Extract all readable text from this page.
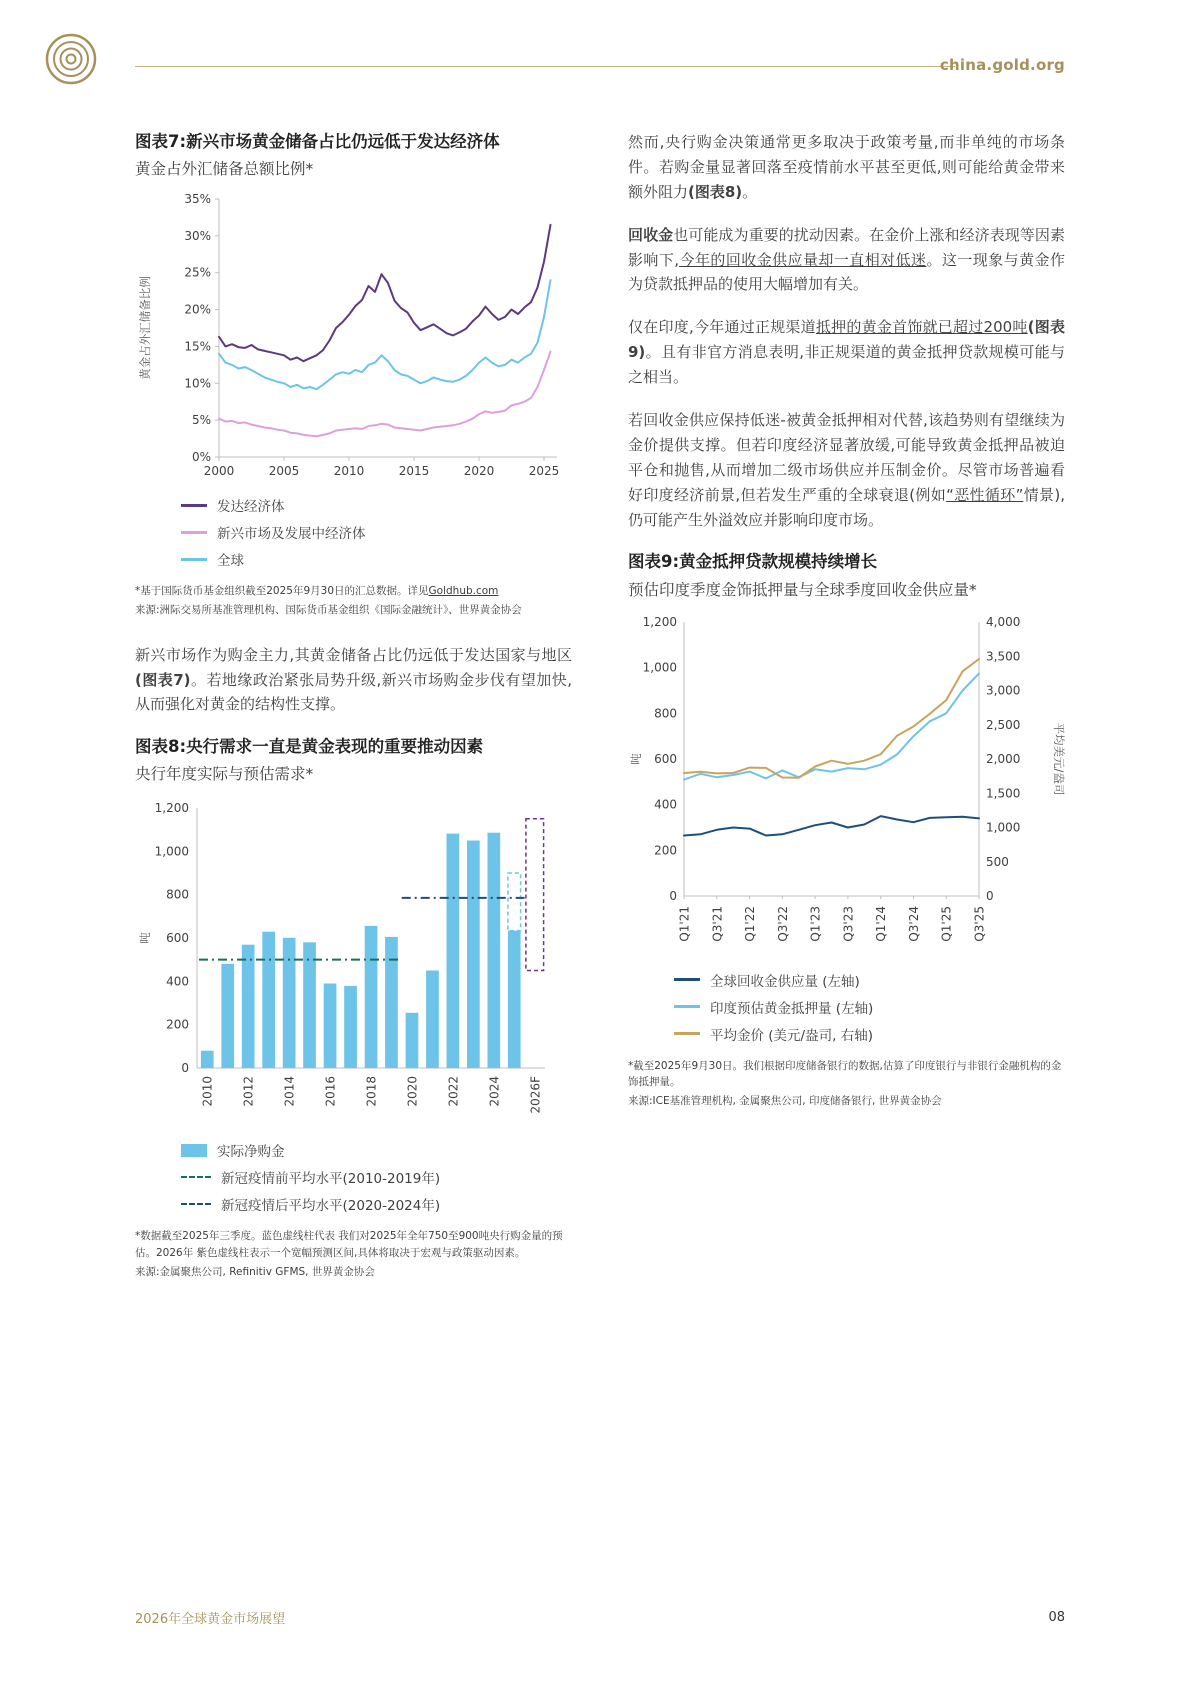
china.gold.org
图表7:新兴市场黄金储备占比仍远低于发达经济体
黄金占外汇储备总额比例*
0%
5%
10%
15%
20%
25%
30%
35%
2000	2005	2010	2015	2020	2025
黄金占外汇储备比例
发达经济体
新兴市场及发展中经济体
全球
*基于国际货币基金组织截至2025年9月30日的汇总数据。详见Goldhub.com
来源:洲际交易所基准管理机构、国际货币基金组织《国际金融统计》、世界黄金协会

新兴市场作为购金主力,其黄金储备占比仍远低于发达国家与地区(图表7)。若地缘政治紧张局势升级,新兴市场购金步伐有望加快,从而强化对黄金的结构性支撑。

图表8:央行需求一直是黄金表现的重要推动因素
央行年度实际与预估需求*
0
200
400
600
800
1,000
1,200
吨
2010 2012 2014 2016 2018 2020 2022 2024 2026F
实际净购金
新冠疫情前平均水平(2010-2019年)
新冠疫情后平均水平(2020-2024年)
*数据截至2025年三季度。蓝色虚线柱代表 我们对2025年全年750至900吨央行购金量的预估。2026年 紫色虚线柱表示一个宽幅预测区间,具体将取决于宏观与政策驱动因素。
来源:金属聚焦公司, Refinitiv GFMS, 世界黄金协会

然而,央行购金决策通常更多取决于政策考量,而非单纯的市场条件。若购金量显著回落至疫情前水平甚至更低,则可能给黄金带来额外阻力(图表8)。

回收金也可能成为重要的扰动因素。在金价上涨和经济表现等因素影响下,今年的回收金供应量却一直相对低迷。这一现象与黄金作为贷款抵押品的使用大幅增加有关。

仅在印度,今年通过正规渠道抵押的黄金首饰就已超过200吨(图表9)。且有非官方消息表明,非正规渠道的黄金抵押贷款规模可能与之相当。

若回收金供应保持低迷-被黄金抵押相对代替,该趋势则有望继续为金价提供支撑。但若印度经济显著放缓,可能导致黄金抵押品被迫平仓和抛售,从而增加二级市场供应并压制金价。尽管市场普遍看好印度经济前景,但若发生严重的全球衰退(例如“恶性循环”情景),仍可能产生外溢效应并影响印度市场。

图表9:黄金抵押贷款规模持续增长
预估印度季度金饰抵押量与全球季度回收金供应量*
0
200
400
600
800
1,000
1,200
0
500
1,000
1,500
2,000
2,500
3,000
3,500
4,000
吨	平均美元/盎司
Q1'21 Q3'21 Q1'22 Q3'22 Q1'23 Q3'23 Q1'24 Q3'24 Q1'25 Q3'25
全球回收金供应量 (左轴)
印度预估黄金抵押量 (左轴)
平均金价 (美元/盎司, 右轴)
*截至2025年9月30日。我们根据印度储备银行的数据,估算了印度银行与非银行金融机构的金饰抵押量。
来源:ICE基准管理机构, 金属聚焦公司, 印度储备银行, 世界黄金协会
2026年全球黄金市场展望	08
